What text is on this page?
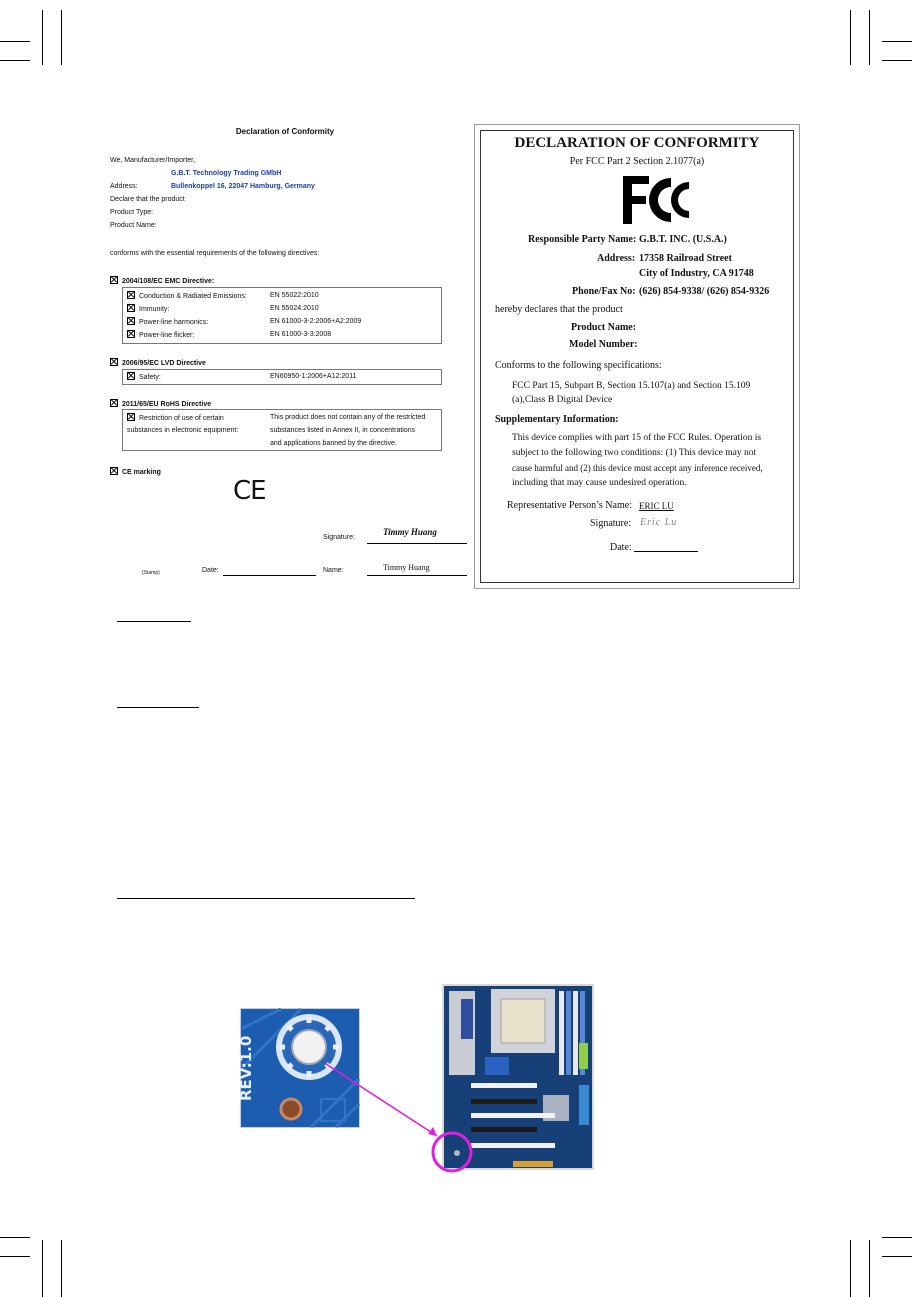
Declaration of Conformity
We, Manufacturer/Importer,
G.B.T. Technology Trading GMbH
Address:	Bullenkoppel 16, 22047 Hamburg, Germany
Declare that the product
Product Type:
Product Name:
conforms with the essential requirements of the following directives:
2004/108/EC EMC Directive:
Conduction & Radiated Emissions:	EN 55022:2010
Immunity:	EN 55024:2010
Power-line harmonics:	EN 61000-3-2:2006+A2:2009
Power-line flicker:	EN 61000-3-3:2008
2006/95/EC LVD Directive
Safety:	EN60950-1:2006+A12:2011
2011/65/EU RoHS Directive
Restriction of use of certain
substances in electronic equipment:
This product does not contain any of the restricted
substances listed in Annex II, in concentrations
and applications banned by the directive.
CE marking
CE
Signature:
Timmy Huang
(Stamp)	Date:	Name:	Timmy Huang
DECLARATION OF CONFORMITY
Per FCC Part 2 Section 2.1077(a)
Responsible Party Name: G.B.T. INC. (U.S.A.)
Address: 17358 Railroad Street
City of Industry, CA 91748
Phone/Fax No: (626) 854-9338/ (626) 854-9326
hereby declares that the product
Product Name:
Model Number:
Conforms to the following specifications:
FCC Part 15, Subpart B, Section 15.107(a) and Section 15.109
(a),Class B Digital Device
Supplementary Information:
This device complies with part 15 of the FCC Rules. Operation is
subject to the following two conditions: (1) This device may not
cause harmful and (2) this device must accept any inference received,
including that may cause undesired operation.
Representative Person’s Name: ERIC LU
Signature: Eric Lu
Date:
REV:1.0
